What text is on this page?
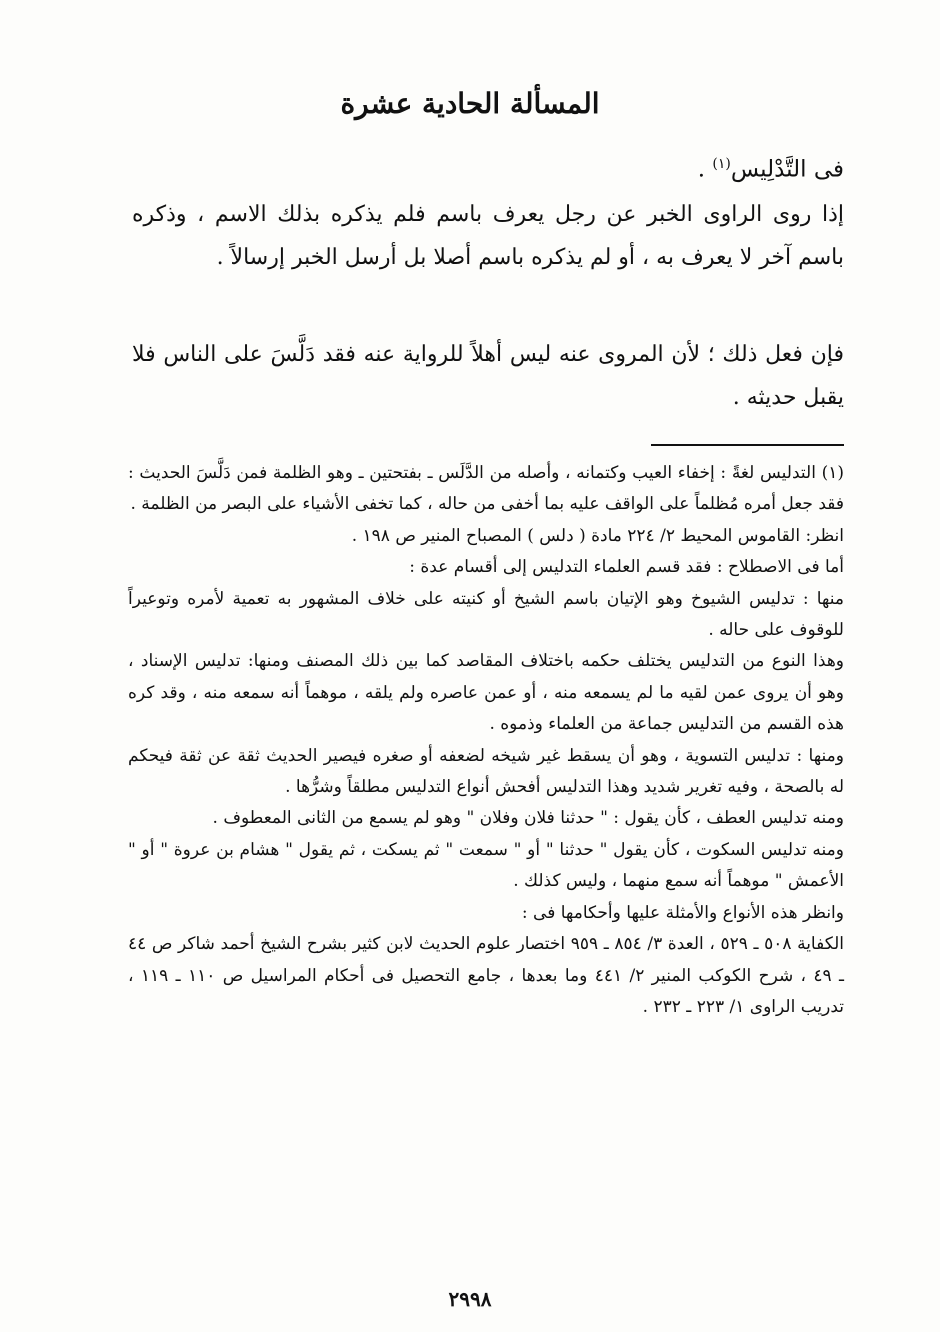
المسألة الحادية عشرة
فى التَّدْلِيس$^{(١)}$ .

إذا روى الراوى الخبر عن رجل يعرف باسم فلم يذكره بذلك الاسم ، وذكره باسم آخر لا يعرف به ، أو لم يذكره باسم أصلا بل أرسل الخبر إرسالاً .

فإن فعل ذلك ؛ لأن المروى عنه ليس أهلاً للرواية عنه فقد دَلَّسَ على الناس فلا يقبل حديثه .

(١) التدليس لغةً : إخفاء العيب وكتمانه ، وأصله من الدَّلَس ـ بفتحتين ـ وهو الظلمة فمن دَلَّسَ الحديث : فقد جعل أمره مُظلماً على الواقف عليه بما أخفى من حاله ، كما تخفى الأشياء على البصر من الظلمة .

انظر: القاموس المحيط ٢/ ٢٢٤ مادة ( دلس ) المصباح المنير ص ١٩٨ .

أما فى الاصطلاح : فقد قسم العلماء التدليس إلى أقسام عدة :

منها : تدليس الشيوخ وهو الإتيان باسم الشيخ أو كنيته على خلاف المشهور به تعمية لأمره وتوعيراً للوقوف على حاله .

وهذا النوع من التدليس يختلف حكمه باختلاف المقاصد كما بين ذلك المصنف ومنها: تدليس الإسناد ، وهو أن يروى عمن لقيه ما لم يسمعه منه ، أو عمن عاصره ولم يلقه ، موهماً أنه سمعه منه ، وقد كره هذه القسم من التدليس جماعة من العلماء وذموه .

ومنها : تدليس التسوية ، وهو أن يسقط غير شيخه لضعفه أو صغره فيصير الحديث ثقة عن ثقة فيحكم له بالصحة ، وفيه تغرير شديد وهذا التدليس أفحش أنواع التدليس مطلقاً وشرُّها .

ومنه تدليس العطف ، كأن يقول : " حدثنا فلان وفلان " وهو لم يسمع من الثانى المعطوف .

ومنه تدليس السكوت ، كأن يقول " حدثنا " أو " سمعت " ثم يسكت ، ثم يقول " هشام بن عروة " أو " الأعمش " موهماً أنه سمع منهما ، وليس كذلك .

وانظر هذه الأنواع والأمثلة عليها وأحكامها فى :

الكفاية ٥٠٨ ـ ٥٢٩ ، العدة ٣/ ٨٥٤ ـ ٩٥٩ اختصار علوم الحديث لابن كثير بشرح الشيخ أحمد شاكر ص ٤٤ ـ ٤٩ ، شرح الكوكب المنير ٢/ ٤٤١ وما بعدها ، جامع التحصيل فى أحكام المراسيل ص ١١٠ ـ ١١٩ ، تدريب الراوى ١/ ٢٢٣ ـ ٢٣٢ .

٢٩٩٨
